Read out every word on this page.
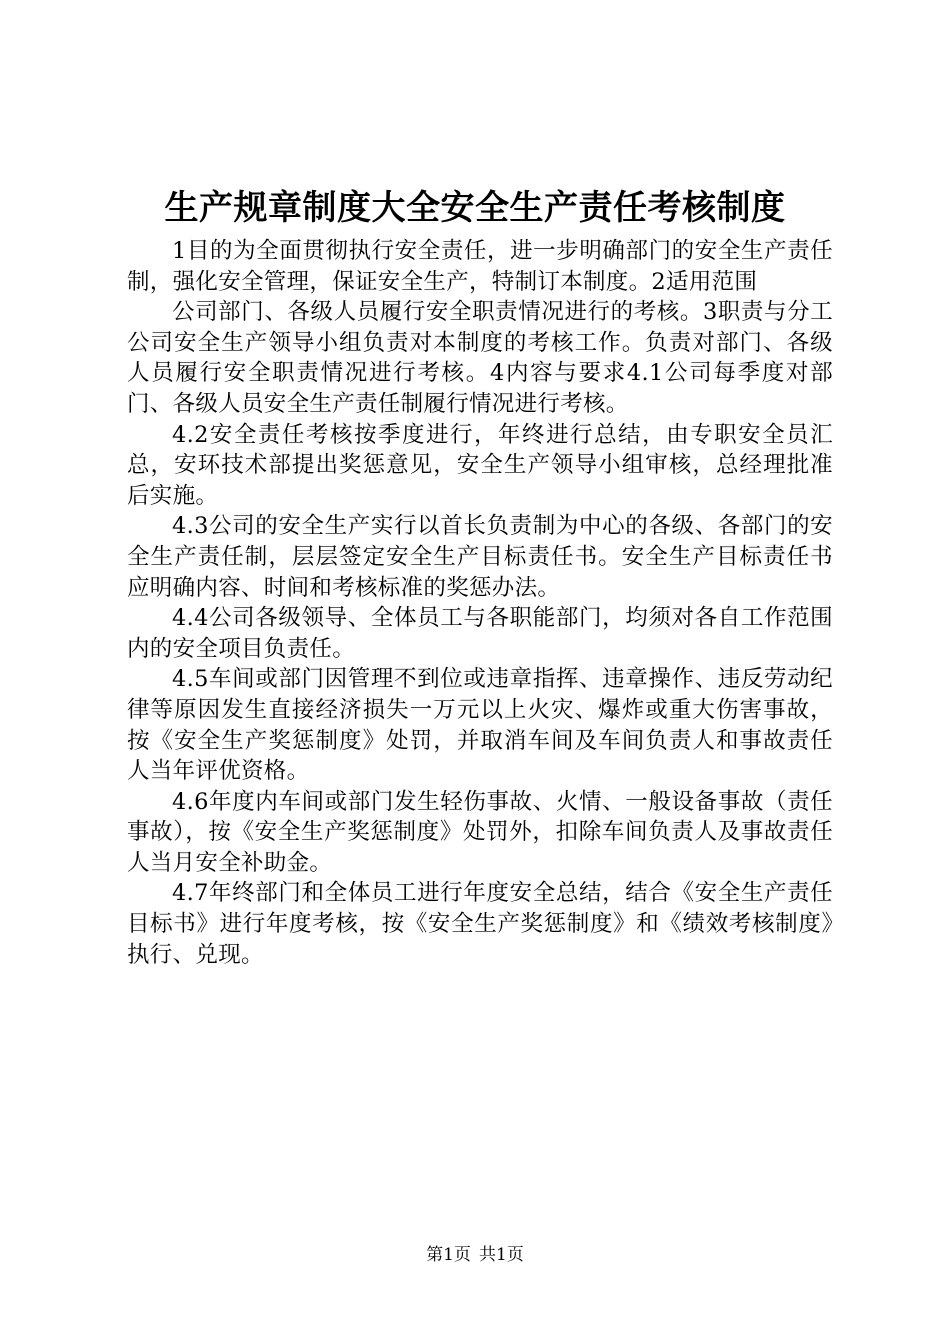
生产规章制度大全安全生产责任考核制度

1目的为全面贯彻执行安全责任，进一步明确部门的安全生产责任制，强化安全管理，保证安全生产，特制订本制度。2适用范围

公司部门、各级人员履行安全职责情况进行的考核。3职责与分工公司安全生产领导小组负责对本制度的考核工作。负责对部门、各级人员履行安全职责情况进行考核。4内容与要求4.1公司每季度对部门、各级人员安全生产责任制履行情况进行考核。

4.2安全责任考核按季度进行，年终进行总结，由专职安全员汇总，安环技术部提出奖惩意见，安全生产领导小组审核，总经理批准后实施。

4.3公司的安全生产实行以首长负责制为中心的各级、各部门的安全生产责任制，层层签定安全生产目标责任书。安全生产目标责任书应明确内容、时间和考核标准的奖惩办法。

4.4公司各级领导、全体员工与各职能部门，均须对各自工作范围内的安全项目负责任。

4.5车间或部门因管理不到位或违章指挥、违章操作、违反劳动纪律等原因发生直接经济损失一万元以上火灾、爆炸或重大伤害事故，按《安全生产奖惩制度》处罚，并取消车间及车间负责人和事故责任人当年评优资格。

4.6年度内车间或部门发生轻伤事故、火情、一般设备事故（责任事故），按《安全生产奖惩制度》处罚外，扣除车间负责人及事故责任人当月安全补助金。

4.7年终部门和全体员工进行年度安全总结，结合《安全生产责任目标书》进行年度考核，按《安全生产奖惩制度》和《绩效考核制度》执行、兑现。

第1页 共1页
